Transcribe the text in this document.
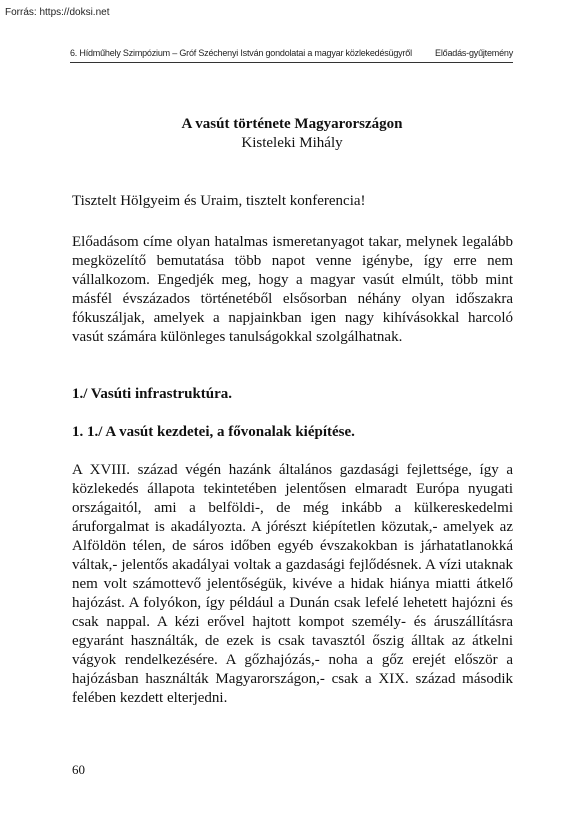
Forrás: https://doksi.net
6. Hídműhely Szimpózium – Gróf Széchenyi István gondolatai a magyar közlekedésügyről	Előadás-gyűjtemény
A vasút története Magyarországon
Kisteleki Mihály

Tisztelt Hölgyeim és Uraim, tisztelt konferencia!

Előadásom címe olyan hatalmas ismeretanyagot takar, melynek legalább megközelítő bemutatása több napot venne igénybe, így erre nem vállalkozom. Engedjék meg, hogy a magyar vasút elmúlt, több mint másfél évszázados történetéből elsősorban néhány olyan időszakra fókuszáljak, amelyek a napjainkban igen nagy kihívásokkal harcoló vasút számára különleges tanulságokkal szolgálhatnak.

1./ Vasúti infrastruktúra.

1. 1./ A vasút kezdetei, a fővonalak kiépítése.

A XVIII. század végén hazánk általános gazdasági fejlettsége, így a közlekedés állapota tekintetében jelentősen elmaradt Európa nyugati országaitól, ami a belföldi-, de még inkább a külkereskedelmi áruforgalmat is akadályozta. A jórészt kiépítetlen közutak,- amelyek az Alföldön télen, de sáros időben egyéb évszakokban is járhatatlanokká váltak,- jelentős akadályai voltak a gazdasági fejlődésnek. A vízi utaknak nem volt számottevő jelentőségük, kivéve a hidak hiánya miatti átkelő hajózást. A folyókon, így például a Dunán csak lefelé lehetett hajózni és csak nappal. A kézi erővel hajtott kompot személy- és áruszállításra egyaránt használták, de ezek is csak tavasztól őszig álltak az átkelni vágyok rendelkezésére. A gőzhajózás,- noha a gőz erejét először a hajózásban használták Magyarországon,- csak a XIX. század második felében kezdett elterjedni.

60
